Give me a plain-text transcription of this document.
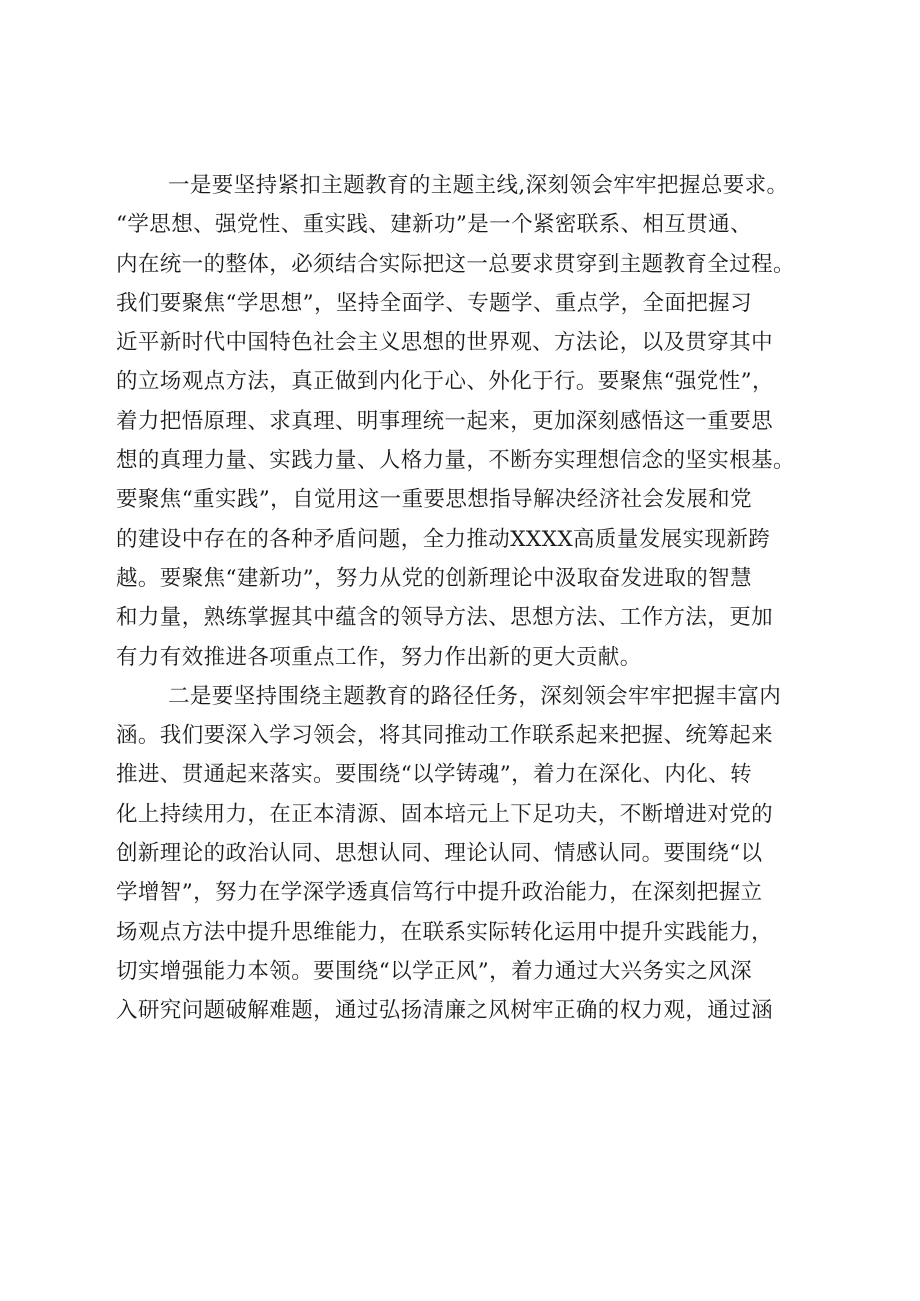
一是要坚持紧扣主题教育的主题主线,深刻领会牢牢把握总要求。
“学思想、强党性、重实践、建新功”是一个紧密联系、相互贯通、
内在统一的整体，必须结合实际把这一总要求贯穿到主题教育全过程。
我们要聚焦“学思想”，坚持全面学、专题学、重点学，全面把握习
近平新时代中国特色社会主义思想的世界观、方法论，以及贯穿其中
的立场观点方法，真正做到内化于心、外化于行。要聚焦“强党性”，
着力把悟原理、求真理、明事理统一起来，更加深刻感悟这一重要思
想的真理力量、实践力量、人格力量，不断夯实理想信念的坚实根基。
要聚焦“重实践”，自觉用这一重要思想指导解决经济社会发展和党
的建设中存在的各种矛盾问题，全力推动XXXX高质量发展实现新跨
越。要聚焦“建新功”，努力从党的创新理论中汲取奋发进取的智慧
和力量，熟练掌握其中蕴含的领导方法、思想方法、工作方法，更加
有力有效推进各项重点工作，努力作出新的更大贡献。
二是要坚持围绕主题教育的路径任务，深刻领会牢牢把握丰富内
涵。我们要深入学习领会，将其同推动工作联系起来把握、统筹起来
推进、贯通起来落实。要围绕“以学铸魂”，着力在深化、内化、转
化上持续用力，在正本清源、固本培元上下足功夫，不断增进对党的
创新理论的政治认同、思想认同、理论认同、情感认同。要围绕“以
学增智”，努力在学深学透真信笃行中提升政治能力，在深刻把握立
场观点方法中提升思维能力，在联系实际转化运用中提升实践能力，
切实增强能力本领。要围绕“以学正风”，着力通过大兴务实之风深
入研究问题破解难题，通过弘扬清廉之风树牢正确的权力观，通过涵
